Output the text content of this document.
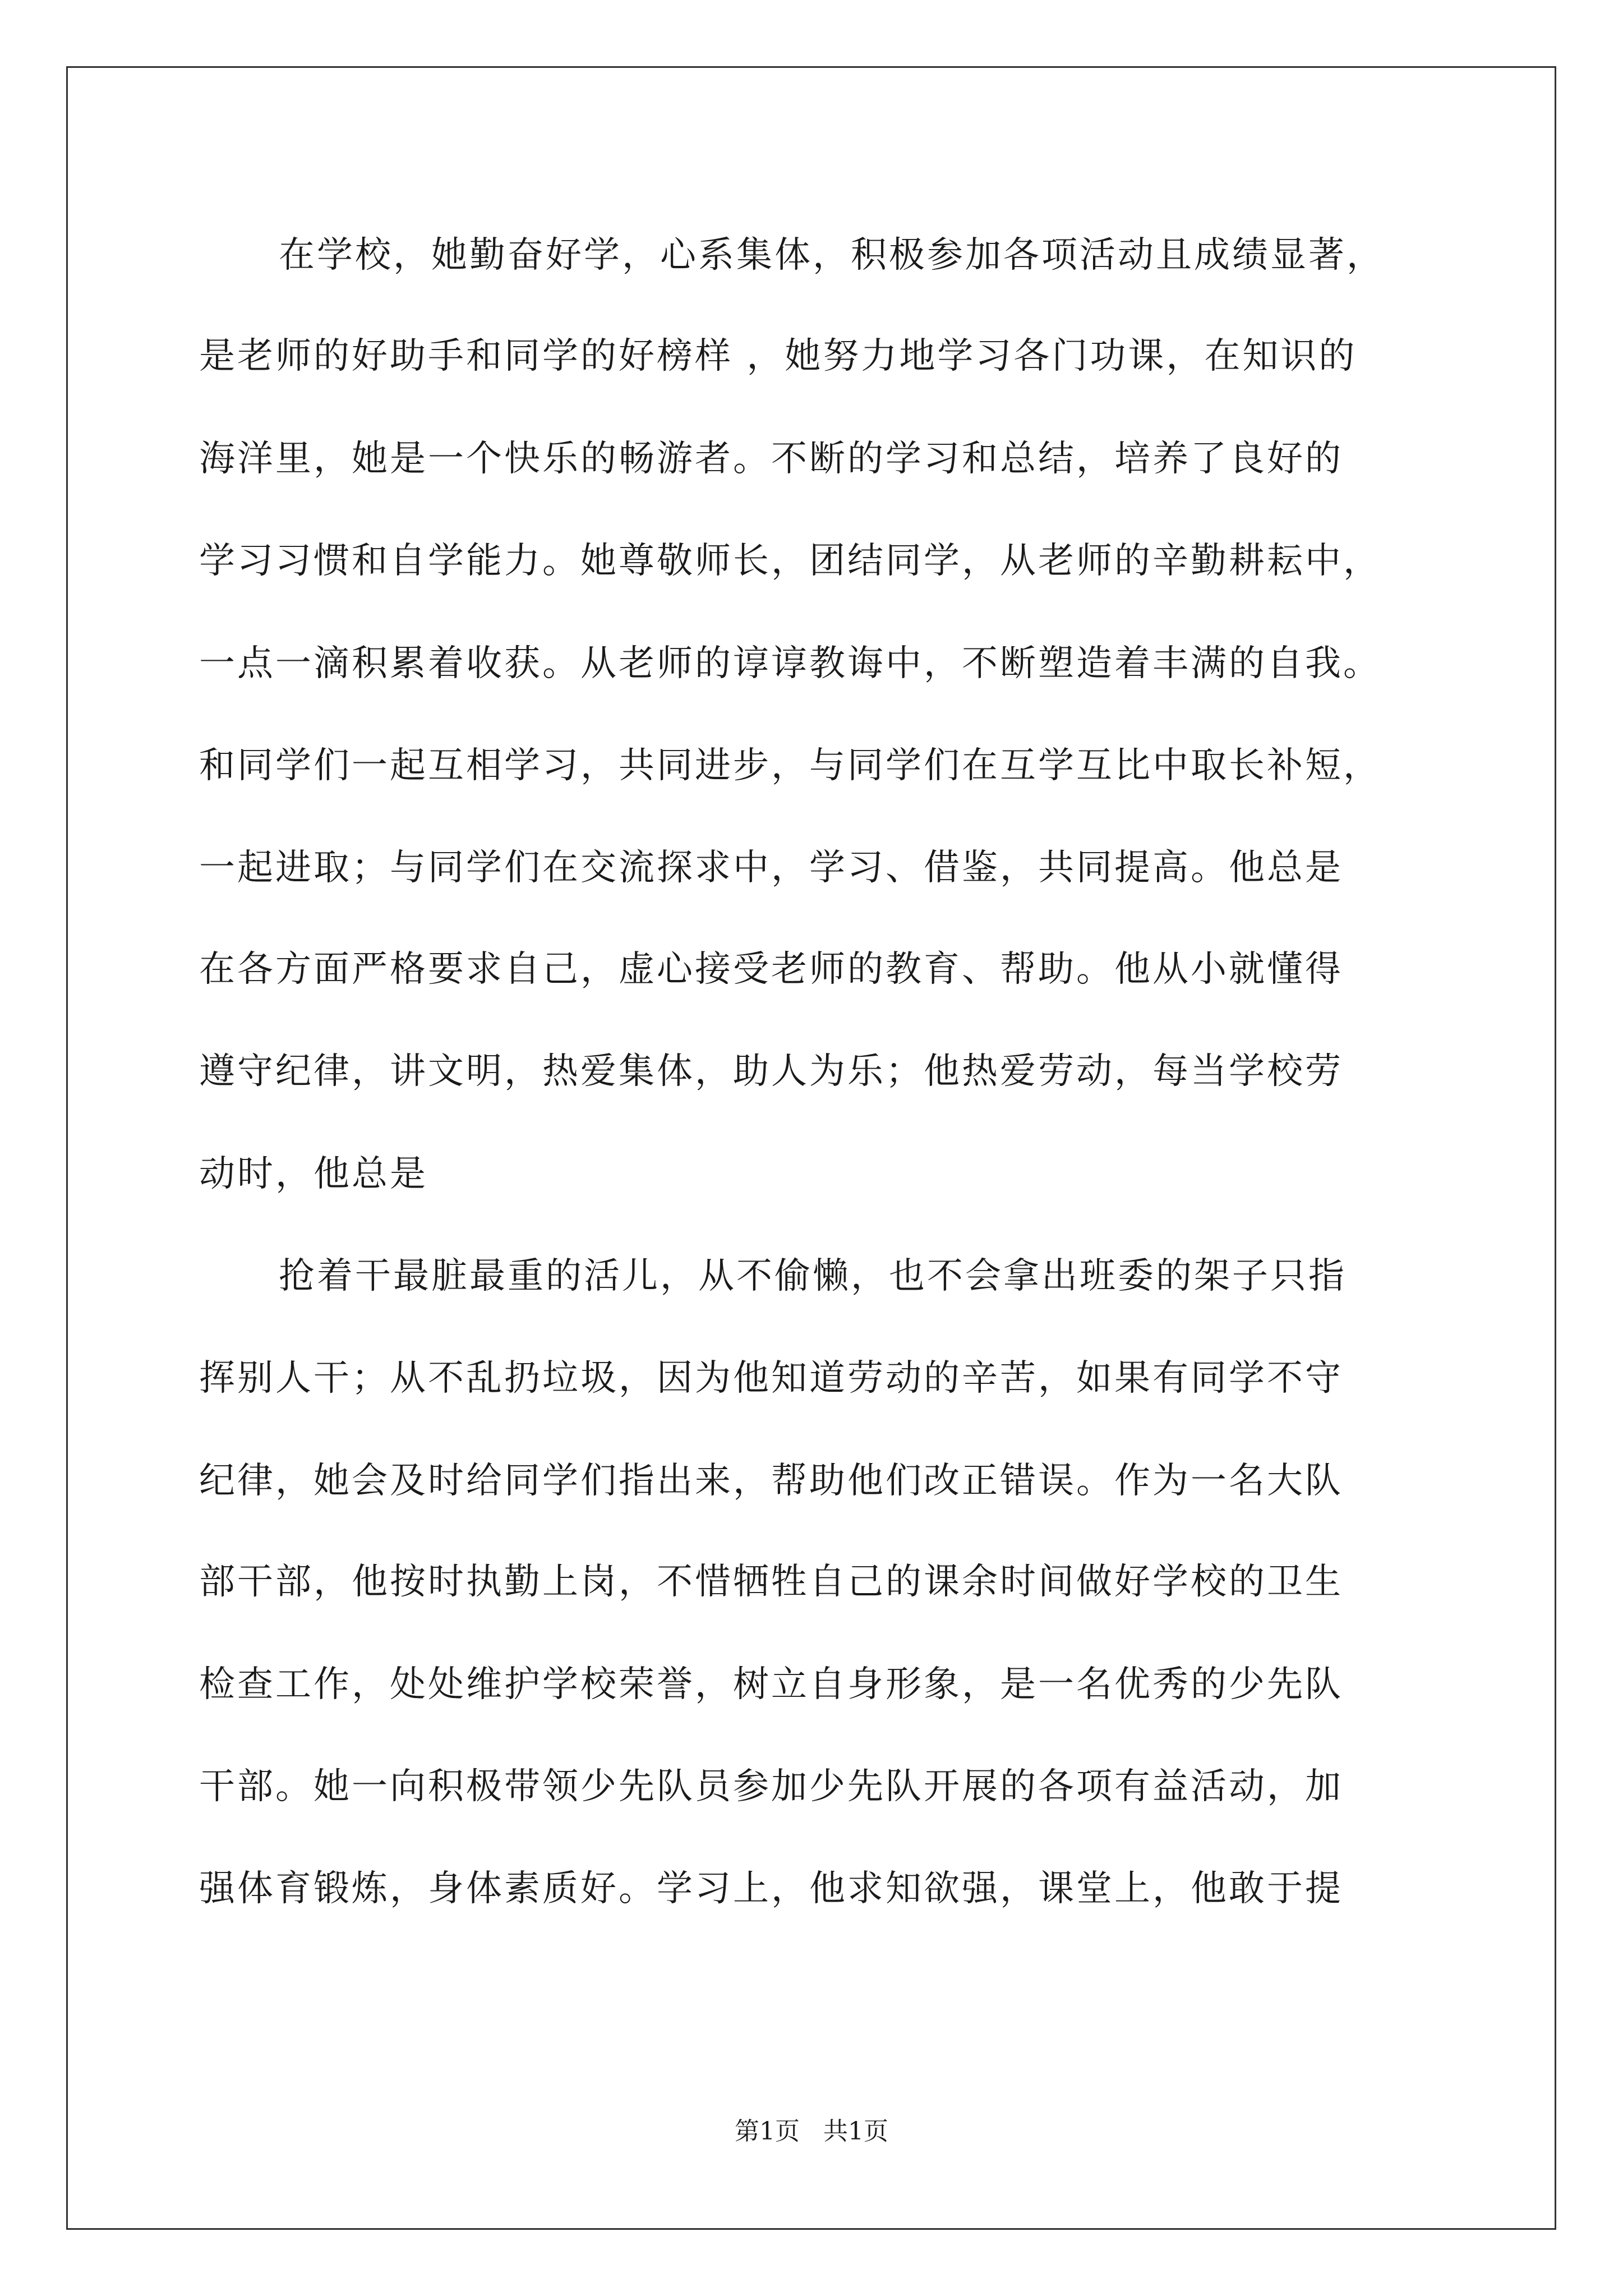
在学校，她勤奋好学，心系集体，积极参加各项活动且成绩显著，
是老师的好助手和同学的好榜样 ，她努力地学习各门功课，在知识的
海洋里，她是一个快乐的畅游者。不断的学习和总结，培养了良好的
学习习惯和自学能力。她尊敬师长，团结同学，从老师的辛勤耕耘中，
一点一滴积累着收获。从老师的谆谆教诲中，不断塑造着丰满的自我。
和同学们一起互相学习，共同进步，与同学们在互学互比中取长补短，
一起进取；与同学们在交流探求中，学习、借鉴，共同提高。他总是
在各方面严格要求自己，虚心接受老师的教育、帮助。他从小就懂得
遵守纪律，讲文明，热爱集体，助人为乐；他热爱劳动，每当学校劳
动时，他总是
抢着干最脏最重的活儿，从不偷懒，也不会拿出班委的架子只指
挥别人干；从不乱扔垃圾，因为他知道劳动的辛苦，如果有同学不守
纪律，她会及时给同学们指出来，帮助他们改正错误。作为一名大队
部干部，他按时执勤上岗，不惜牺牲自己的课余时间做好学校的卫生
检查工作，处处维护学校荣誉，树立自身形象，是一名优秀的少先队
干部。她一向积极带领少先队员参加少先队开展的各项有益活动，加
强体育锻炼，身体素质好。学习上，他求知欲强，课堂上，他敢于提
第1页   共1页
